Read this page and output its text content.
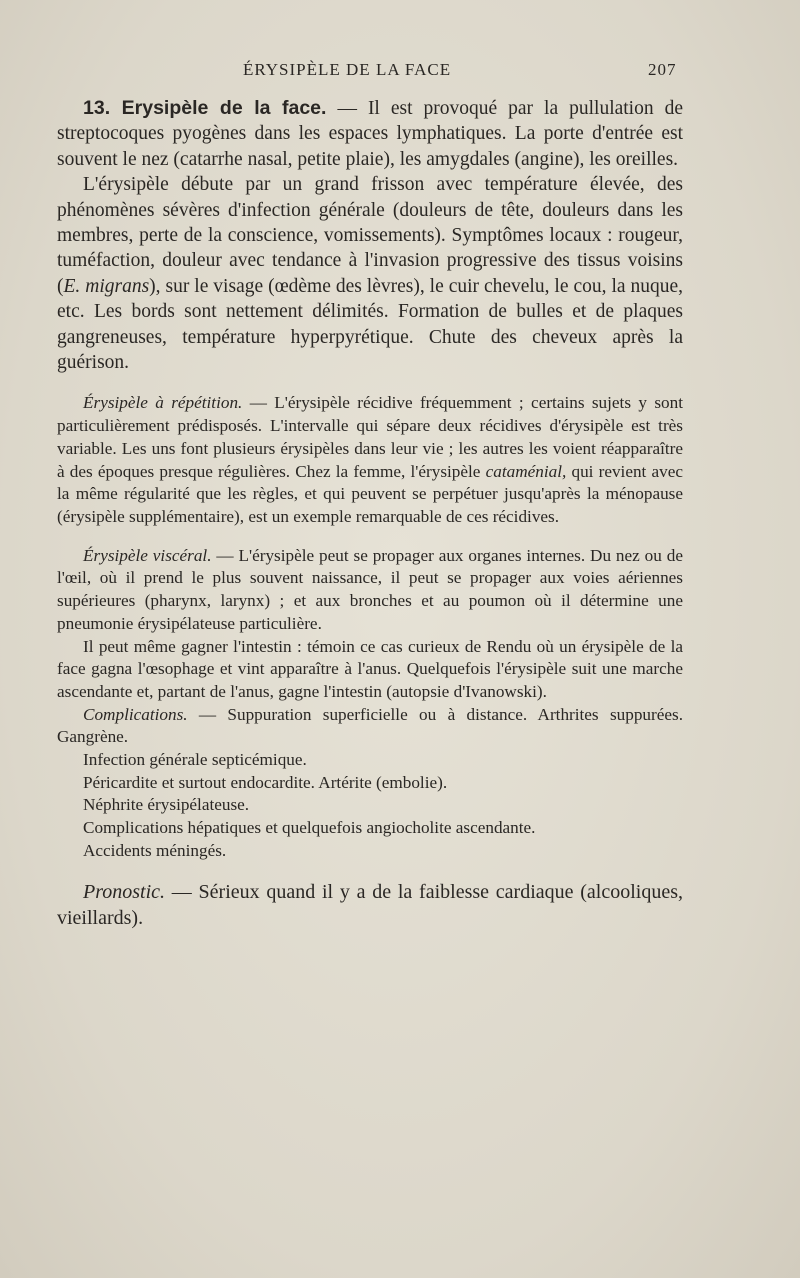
ÉRYSIPÈLE DE LA FACE	207

13. Erysipèle de la face. — Il est provoqué par la pullulation de streptocoques pyogènes dans les espaces lymphatiques. La porte d'entrée est souvent le nez (catarrhe nasal, petite plaie), les amygdales (angine), les oreilles.

L'érysipèle débute par un grand frisson avec température élevée, des phénomènes sévères d'infection générale (douleurs de tête, douleurs dans les membres, perte de la conscience, vomissements). Symptômes locaux : rougeur, tuméfaction, douleur avec tendance à l'invasion progressive des tissus voisins (E. migrans), sur le visage (œdème des lèvres), le cuir chevelu, le cou, la nuque, etc. Les bords sont nettement délimités. Formation de bulles et de plaques gangreneuses, température hyperpyrétique. Chute des cheveux après la guérison.

Érysipèle à répétition. — L'érysipèle récidive fréquemment ; certains sujets y sont particulièrement prédisposés. L'intervalle qui sépare deux récidives d'érysipèle est très variable. Les uns font plusieurs érysipèles dans leur vie ; les autres les voient réapparaître à des époques presque régulières. Chez la femme, l'érysipèle cataménial, qui revient avec la même régularité que les règles, et qui peuvent se perpétuer jusqu'après la ménopause (érysipèle supplémentaire), est un exemple remarquable de ces récidives.

Érysipèle viscéral. — L'érysipèle peut se propager aux organes internes. Du nez ou de l'œil, où il prend le plus souvent naissance, il peut se propager aux voies aériennes supérieures (pharynx, larynx) ; et aux bronches et au poumon où il détermine une pneumonie érysipélateuse particulière.

Il peut même gagner l'intestin : témoin ce cas curieux de Rendu où un érysipèle de la face gagna l'œsophage et vint apparaître à l'anus. Quelquefois l'érysipèle suit une marche ascendante et, partant de l'anus, gagne l'intestin (autopsie d'Ivanowski).

Complications. — Suppuration superficielle ou à distance. Arthrites suppurées. Gangrène.

Infection générale septicémique.

Péricardite et surtout endocardite. Artérite (embolie).

Néphrite érysipélateuse.

Complications hépatiques et quelquefois angiocholite ascendante.

Accidents méningés.

Pronostic. — Sérieux quand il y a de la faiblesse cardiaque (alcooliques, vieillards).
